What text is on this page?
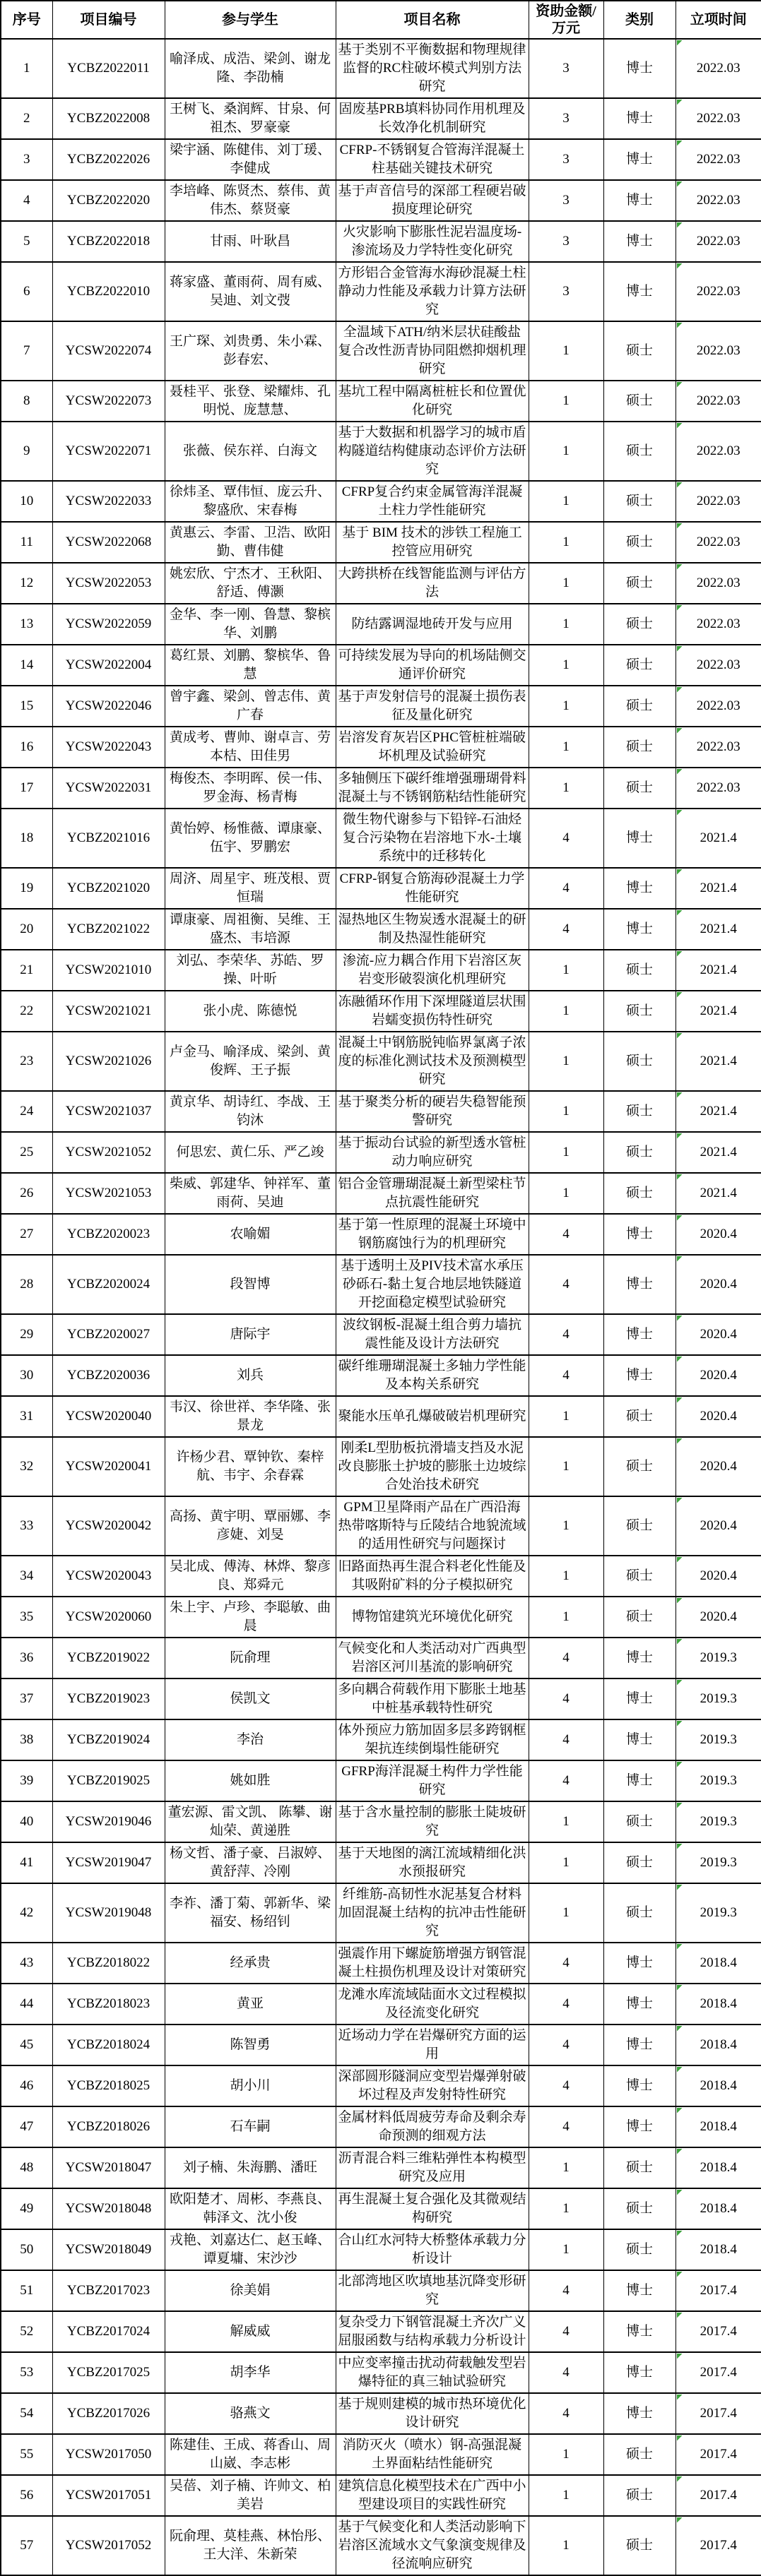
序号	项目编号	参与学生	项目名称	资助金额/万元	类别	立项时间
1	YCBZ2022011	喻泽成、成浩、梁剑、谢龙隆、李劭楠	基于类别不平衡数据和物理规律监督的RC柱破坏模式判别方法研究	3	博士	2022.03
2	YCBZ2022008	王树飞、桑润辉、甘泉、何祖杰、罗豪豪	固废基PRB填料协同作用机理及长效净化机制研究	3	博士	2022.03
3	YCBZ2022026	梁宇涵、陈健伟、刘丁瑗、李健成	CFRP-不锈钢复合管海洋混凝土柱基础关键技术研究	3	博士	2022.03
4	YCBZ2022020	李培峰、陈贤杰、蔡伟、黄伟杰、蔡贤豪	基于声音信号的深部工程硬岩破损度理论研究	3	博士	2022.03
5	YCBZ2022018	甘雨、叶耿昌	火灾影响下膨胀性泥岩温度场-渗流场及力学特性变化研究	3	博士	2022.03
6	YCBZ2022010	蒋家盛、董雨荷、周有威、吴迪、刘文弢	方形铝合金管海水海砂混凝土柱静动力性能及承载力计算方法研究	3	博士	2022.03
7	YCSW2022074	王广琛、刘贵勇、朱小霖、彭春宏、	全温域下ATH/纳米层状硅酸盐复合改性沥青协同阻燃抑烟机理研究	1	硕士	2022.03
8	YCSW2022073	聂桂平、张登、梁耀炜、孔明悦、庞慧慧、	基坑工程中隔离桩桩长和位置优化研究	1	硕士	2022.03
9	YCSW2022071	张薇、侯东祥、白海文	基于大数据和机器学习的城市盾构隧道结构健康动态评价方法研究	1	硕士	2022.03
10	YCSW2022033	徐炜圣、覃伟恒、庞云升、黎盛欣、宋春梅	CFRP复合约束金属管海洋混凝土柱力学性能研究	1	硕士	2022.03
11	YCSW2022068	黄惠云、李雷、卫浩、欧阳勤、曹伟健	基于 BIM 技术的涉铁工程施工控管应用研究	1	硕士	2022.03
12	YCSW2022053	姚宏欣、宁杰才、王秋阳、舒适、傅灏	大跨拱桥在线智能监测与评估方法	1	硕士	2022.03
13	YCSW2022059	金华、李一刚、鲁慧、黎槟华、刘鹏	防结露调湿地砖开发与应用	1	硕士	2022.03
14	YCSW2022004	葛红景、刘鹏、黎槟华、鲁慧	可持续发展为导向的机场陆侧交通评价研究	1	硕士	2022.03
15	YCSW2022046	曾宇鑫、梁剑、曾志伟、黄广春	基于声发射信号的混凝土损伤表征及量化研究	1	硕士	2022.03
16	YCSW2022043	黄成考、曹帅、谢卓言、劳本桔、田佳男	岩溶发育灰岩区PHC管桩桩端破坏机理及试验研究	1	硕士	2022.03
17	YCSW2022031	梅俊杰、李明晖、侯一伟、罗金海、杨青梅	多轴侧压下碳纤维增强珊瑚骨料混凝土与不锈钢筋粘结性能研究	1	硕士	2022.03
18	YCBZ2021016	黄怡婷、杨惟薇、谭康豪、伍宇、罗鹏宏	微生物代谢参与下铅锌-石油烃复合污染物在岩溶地下水-土壤系统中的迁移转化	4	博士	2021.4
19	YCBZ2021020	周济、周星宇、班茂根、贾恒瑞	CFRP-钢复合筋海砂混凝土力学性能研究	4	博士	2021.4
20	YCBZ2021022	谭康豪、周祖衡、吴维、王盛杰、韦培源	湿热地区生物炭透水混凝土的研制及热湿性能研究	4	博士	2021.4
21	YCSW2021010	刘弘、李荣华、苏皓、罗操、叶昕	渗流-应力耦合作用下岩溶区灰岩变形破裂演化机理研究	1	硕士	2021.4
22	YCSW2021021	张小虎、陈德悦	冻融循环作用下深埋隧道层状围岩蠕变损伤特性研究	1	硕士	2021.4
23	YCSW2021026	卢金马、喻泽成、梁剑、黄俊辉、王子振	混凝土中钢筋脱钝临界氯离子浓度的标准化测试技术及预测模型研究	1	硕士	2021.4
24	YCSW2021037	黄京华、胡诗红、李战、王钧沐	基于聚类分析的硬岩失稳智能预警研究	1	硕士	2021.4
25	YCSW2021052	何思宏、黄仁乐、严乙竣	基于振动台试验的新型透水管桩动力响应研究	1	硕士	2021.4
26	YCSW2021053	柴威、郭建华、钟祥军、董雨荷、吴迪	铝合金管珊瑚混凝土新型梁柱节点抗震性能研究	1	硕士	2021.4
27	YCBZ2020023	农喻媚	基于第一性原理的混凝土环境中钢筋腐蚀行为的机理研究	4	博士	2020.4
28	YCBZ2020024	段智博	基于透明土及PIV技术富水承压砂砾石-黏土复合地层地铁隧道开挖面稳定模型试验研究	4	博士	2020.4
29	YCBZ2020027	唐际宇	波纹钢板-混凝土组合剪力墙抗震性能及设计方法研究	4	博士	2020.4
30	YCBZ2020036	刘兵	碳纤维珊瑚混凝土多轴力学性能及本构关系研究	4	博士	2020.4
31	YCSW2020040	韦汉、徐世祥、李华隆、张景龙	聚能水压单孔爆破破岩机理研究	1	硕士	2020.4
32	YCSW2020041	许杨少君、覃钟钦、秦梓航、韦宇、余春霖	刚柔L型肋板抗滑墙支挡及水泥改良膨胀土护坡的膨胀土边坡综合处治技术研究	1	硕士	2020.4
33	YCSW2020042	高扬、黄宇明、覃丽娜、李彦婕、刘旻	GPM卫星降雨产品在广西沿海热带喀斯特与丘陵结合地貌流域的适用性研究与问题探讨	1	硕士	2020.4
34	YCSW2020043	吴北成、傅涛、林烨、黎彦良、郑舜元	旧路面热再生混合料老化性能及其吸附矿料的分子模拟研究	1	硕士	2020.4
35	YCSW2020060	朱上宇、卢珍、李聪敏、曲晨	博物馆建筑光环境优化研究	1	硕士	2020.4
36	YCBZ2019022	阮俞理	气候变化和人类活动对广西典型岩溶区河川基流的影响研究	4	博士	2019.3
37	YCBZ2019023	侯凯文	多向耦合荷载作用下膨胀土地基中桩基承载特性研究	4	博士	2019.3
38	YCBZ2019024	李治	体外预应力筋加固多层多跨钢框架抗连续倒塌性能研究	4	博士	2019.3
39	YCBZ2019025	姚如胜	GFRP海洋混凝土构件力学性能研究	4	博士	2019.3
40	YCSW2019046	董宏源、雷文凯、 陈攀、谢灿荣、黄递胜	基于含水量控制的膨胀土陡坡研究	1	硕士	2019.3
41	YCSW2019047	杨文哲、潘子豪、吕淑婷、黄舒萍、冷刚	基于天地图的漓江流域精细化洪水预报研究	1	硕士	2019.3
42	YCSW2019048	李祚、潘丁菊、郭新华、梁福安、杨绍钊	纤维筋-高韧性水泥基复合材料加固混凝土结构的抗冲击性能研究	1	硕士	2019.3
43	YCBZ2018022	经承贵	强震作用下螺旋筋增强方钢管混凝土柱损伤机理及设计对策研究	4	博士	2018.4
44	YCBZ2018023	黄亚	龙滩水库流域陆面水文过程模拟及径流变化研究	4	博士	2018.4
45	YCBZ2018024	陈智勇	近场动力学在岩爆研究方面的运用	4	博士	2018.4
46	YCBZ2018025	胡小川	深部圆形隧洞应变型岩爆弹射破坏过程及声发射特性研究	4	博士	2018.4
47	YCBZ2018026	石车嗣	金属材料低周疲劳寿命及剩余寿命预测的细观方法	4	博士	2018.4
48	YCSW2018047	刘子楠、朱海鹏、潘旺	沥青混合料三维粘弹性本构模型研究及应用	1	硕士	2018.4
49	YCSW2018048	欧阳楚才、周彬、李燕良、韩泽文、沈小俊	再生混凝土复合强化及其微观结构研究	1	硕士	2018.4
50	YCSW2018049	戎艳、刘嘉达仁、赵玉峰、谭夏墉、宋沙沙	合山红水河特大桥整体承载力分析设计	1	硕士	2018.4
51	YCBZ2017023	徐美娟	北部湾地区吹填地基沉降变形研究	4	博士	2017.4
52	YCBZ2017024	解威威	复杂受力下钢管混凝土齐次广义屈服函数与结构承载力分析设计	4	博士	2017.4
53	YCBZ2017025	胡李华	中应变率撞击扰动荷载触发型岩爆特征的真三轴试验研究	4	博士	2017.4
54	YCBZ2017026	骆燕文	基于规则建模的城市热环境优化设计研究	4	博士	2017.4
55	YCSW2017050	陈建佳、王成、蒋香山、周山崴、李志彬	消防灭火（喷水）钢-高强混凝土界面粘结性能研究	1	硕士	2017.4
56	YCSW2017051	吴蓓、刘子楠、许帅文、柏美岩	建筑信息化模型技术在广西中小型建设项目的实践性研究	1	硕士	2017.4
57	YCSW2017052	阮俞理、莫桂燕、林怡彤、王大洋、朱新荣	基于气候变化和人类活动影响下岩溶区流域水文气象演变规律及径流响应研究	1	硕士	2017.4
